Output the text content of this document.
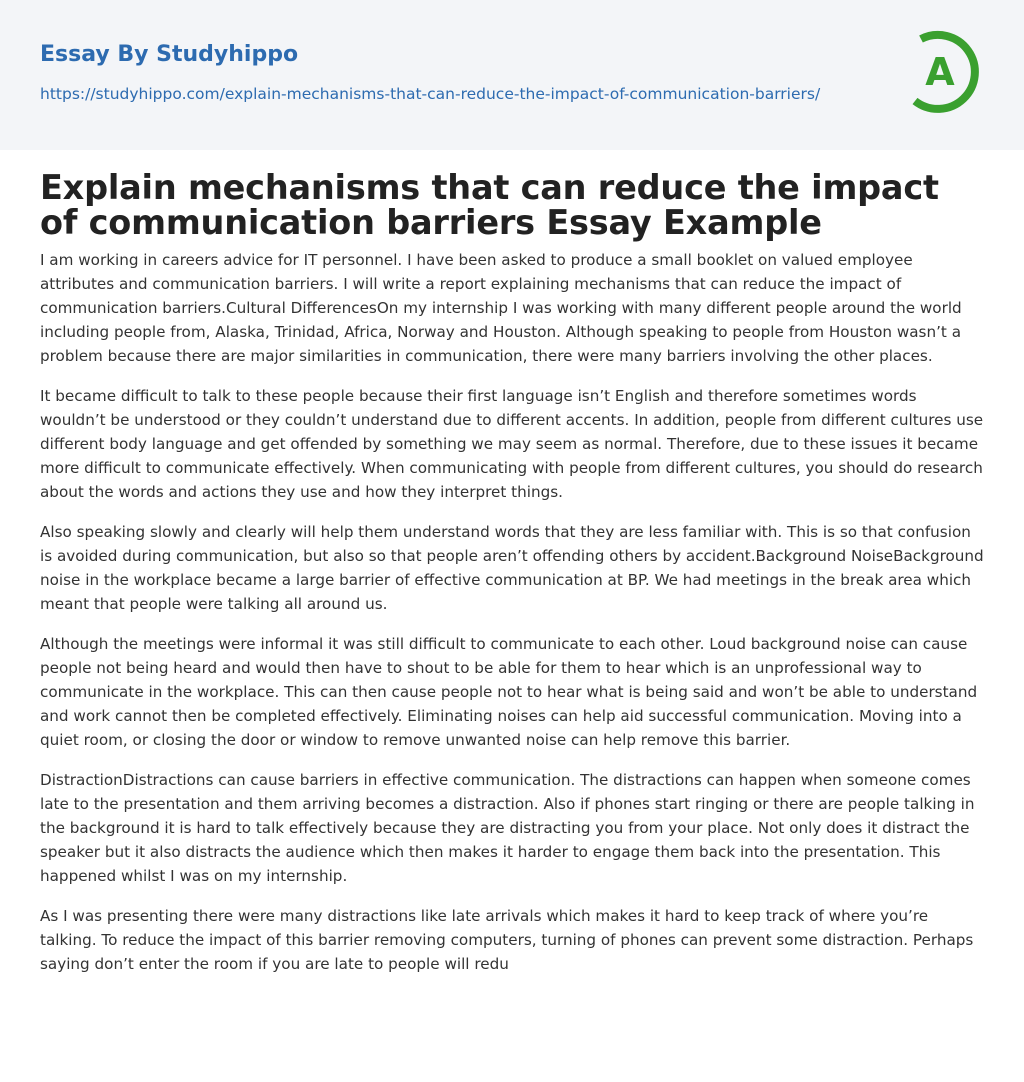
Essay By Studyhippo
https://studyhippo.com/explain-mechanisms-that-can-reduce-the-impact-of-communication-barriers/	A
Explain mechanisms that can reduce the impact of communication barriers Essay Example

I am working in careers advice for IT personnel. I have been asked to produce a small booklet on valued employee attributes and communication barriers. I will write a report explaining mechanisms that can reduce the impact of communication barriers.Cultural DifferencesOn my internship I was working with many different people around the world including people from, Alaska, Trinidad, Africa, Norway and Houston. Although speaking to people from Houston wasn’t a problem because there are major similarities in communication, there were many barriers involving the other places.

It became difficult to talk to these people because their first language isn’t English and therefore sometimes words wouldn’t be understood or they couldn’t understand due to different accents. In addition, people from different cultures use different body language and get offended by something we may seem as normal. Therefore, due to these issues it became more difficult to communicate effectively. When communicating with people from different cultures, you should do research about the words and actions they use and how they interpret things.

Also speaking slowly and clearly will help them understand words that they are less familiar with. This is so that confusion is avoided during communication, but also so that people aren’t offending others by accident.Background NoiseBackground noise in the workplace became a large barrier of effective communication at BP. We had meetings in the break area which meant that people were talking all around us.

Although the meetings were informal it was still difficult to communicate to each other. Loud background noise can cause people not being heard and would then have to shout to be able for them to hear which is an unprofessional way to communicate in the workplace. This can then cause people not to hear what is being said and won’t be able to understand and work cannot then be completed effectively. Eliminating noises can help aid successful communication. Moving into a quiet room, or closing the door or window to remove unwanted noise can help remove this barrier.

DistractionDistractions can cause barriers in effective communication. The distractions can happen when someone comes late to the presentation and them arriving becomes a distraction. Also if phones start ringing or there are people talking in the background it is hard to talk effectively because they are distracting you from your place. Not only does it distract the speaker but it also distracts the audience which then makes it harder to engage them back into the presentation. This happened whilst I was on my internship.

As I was presenting there were many distractions like late arrivals which makes it hard to keep track of where you’re talking. To reduce the impact of this barrier removing computers, turning of phones can prevent some distraction. Perhaps saying don’t enter the room if you are late to people will redu
